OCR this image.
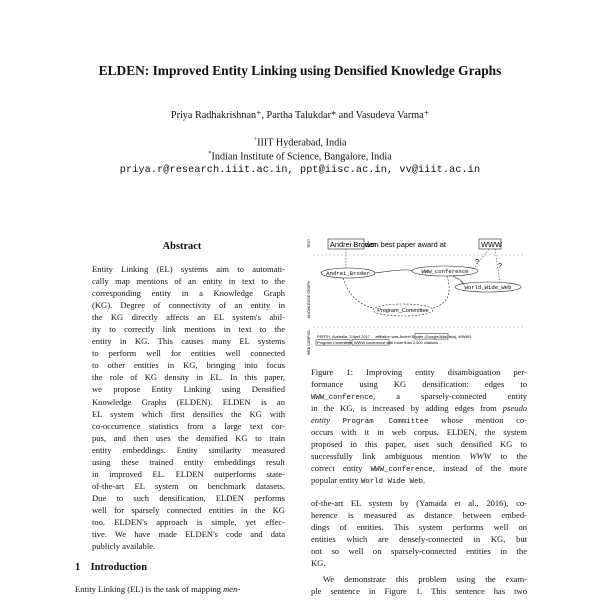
ELDEN: Improved Entity Linking using Densified Knowledge Graphs
Priya Radhakrishnan⁺, Partha Talukdar* and Vasudeva Varma⁺
+IIIT Hyderabad, India
*Indian Institute of Science, Bangalore, India
priya.r@research.iiit.ac.in, ppt@iisc.ac.in, vv@iiit.ac.in
Abstract
Entity Linking (EL) systems aim to automati-
cally map mentions of an entity in text to the
corresponding entity in a Knowledge Graph
(KG). Degree of connectivity of an entity in
the KG directly affects an EL system's abil-
ity to correctly link mentions in text to the
entity in KG. This causes many EL systems
to perform well for entities well connected
to other entities in KG, bringing into focus
the role of KG density in EL. In this paper,
we propose Entity Linking using Densified
Knowledge Graphs (ELDEN). ELDEN is an
EL system which first densifies the KG with
co-occurrence statistics from a large text cor-
pus, and then uses the densified KG to train
entity embeddings. Entity similarity measured
using these trained entity embeddings result
in improved EL. ELDEN outperforms state-
of-the-art EL system on benchmark datasets.
Due to such densification, ELDEN performs
well for sparsely connected entities in the KG
too. ELDEN's approach is simple, yet effec-
tive. We have made ELDEN's code and data
publicly available.
1 Introduction
Entity Linking (EL) is the task of mapping men-
TEXT
KNOWLEDGE GRAPH
WEB CORPUS
Andrei Broder
won best paper award at	WWW
?
?
Andrei_Broder	WWW_conference
World_Wide_Web
Program_Committee
PERTH, Australia, 3 April 2017 ... affiliation was Andrei Broder (Google/AltaVista), WWW2
Program Committee, WWW conference with more than 2,500 citations ...
Figure 1: Improving entity disambiguation per-
formance using KG densification: edges to
WWW_conference, a sparsely-connected entity
in the KG, is increased by adding edges from pseudo
entity Program Committee whose mention co-
occurs with it in web corpus. ELDEN, the system
proposed in this paper, uses such densified KG to
successfully link ambiguous mention WWW to the
correct entity WWW_conference, instead of the more
popular entity World Wide Web.
of-the-art EL system by (Yamada et al., 2016), co-
herence is measured as distance between embed-
dings of entities. This system performs well on
entities which are densely-connected in KG, but
not so well on sparsely-connected entities in the
KG.
We demonstrate this problem using the exam-
ple sentence in Figure 1. This sentence has two
